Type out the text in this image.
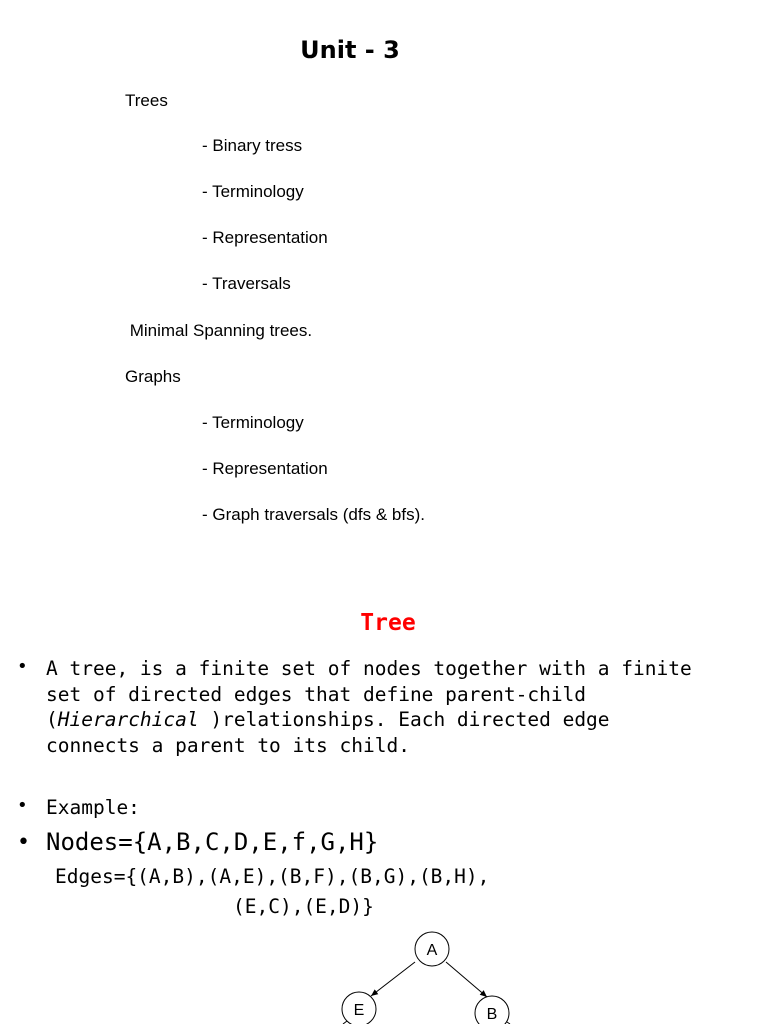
Unit - 3
Trees
- Binary tress
- Terminology
- Representation
- Traversals
Minimal Spanning trees.
Graphs
- Terminology
- Representation
- Graph traversals (dfs & bfs).
Tree
• A tree, is a finite set of nodes together with a finite
set of directed edges that define parent-child
(Hierarchical )relationships. Each directed edge
connects a parent to its child.
• Example:
• Nodes={A,B,C,D,E,f,G,H}
Edges={(A,B),(A,E),(B,F),(B,G),(B,H),
(E,C),(E,D)}
A
E	B
